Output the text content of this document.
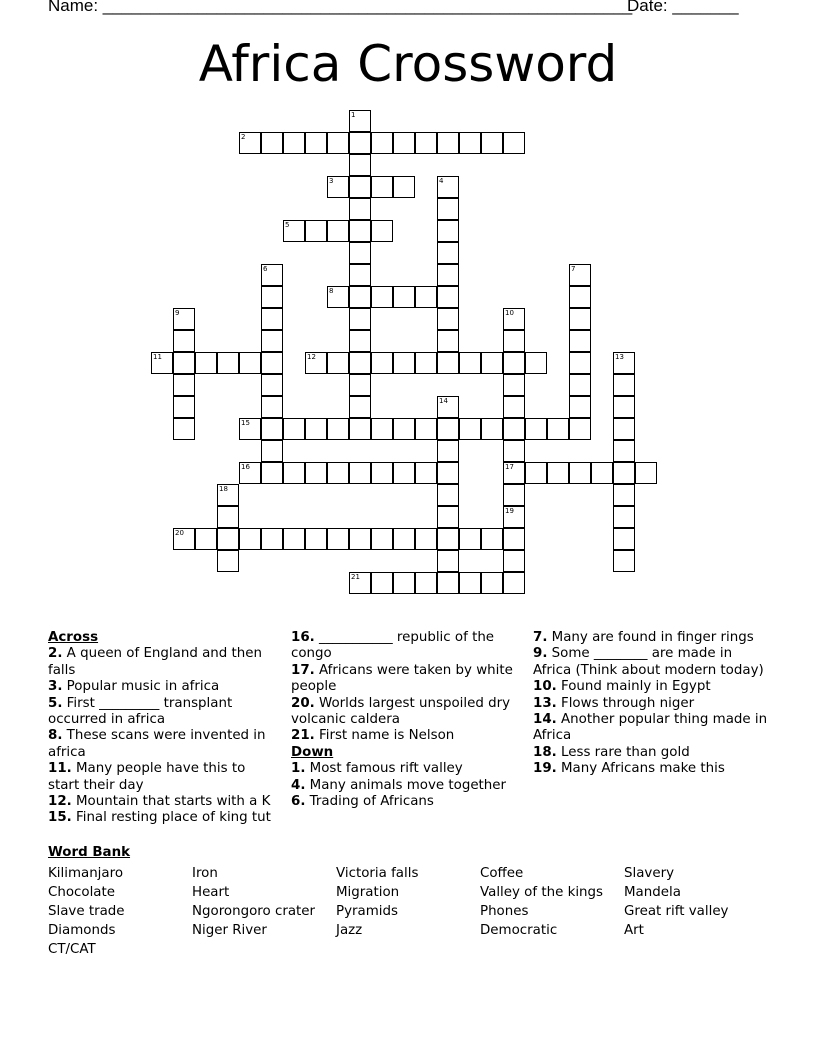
Name: ________________________________________________________
Date: _______
Africa Crossword
1
2
3	4
5
6	7
8
9	10
17
19
11	12	13
14
15
16
18
20
21

Across

2. A queen of England and then falls

3. Popular music in africa

5. First _________ transplant occurred in africa

8. These scans were invented in africa

11. Many people have this to start their day

12. Mountain that starts with a K

15. Final resting place of king tut

16. ___________ republic of the congo

17. Africans were taken by white people

20. Worlds largest unspoiled dry volcanic caldera

21. First name is Nelson

Down

1. Most famous rift valley

4. Many animals move together

6. Trading of Africans

7. Many are found in finger rings

9. Some ________ are made in Africa (Think about modern today)

10. Found mainly in Egypt

13. Flows through niger

14. Another popular thing made in Africa

18. Less rare than gold

19. Many Africans make this

Word Bank
Kilimanjaro
Chocolate
Slave trade
Diamonds
CT/CAT
Iron
Heart
Ngorongoro crater
Niger River
Victoria falls
Migration
Pyramids
Jazz
Coffee
Valley of the kings
Phones
Democratic
Slavery
Mandela
Great rift valley
Art
